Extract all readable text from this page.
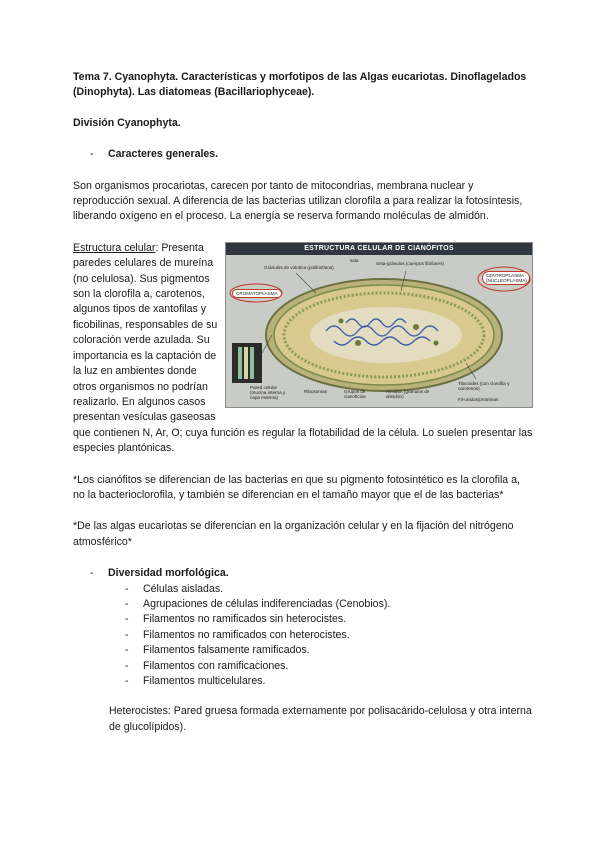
Tema 7. Cyanophyta. Características y morfotipos de las Algas eucariotas. Dinoflagelados (Dinophyta). Las diatomeas (Bacillariophyceae).

División Cyanophyta.
- Caracteres generales.

Son organismos procariotas, carecen por tanto de mitocondrias, membrana nuclear y reproducción sexual. A diferencia de las bacterias utilizan clorofila a para realizar la fotosíntesis, liberando oxígeno en el proceso. La energía se reserva formando moléculas de almidón.

ESTRUCTURA CELULAR DE CIANÓFITOS
sala
Gránulos de volutina (polifosfatos)
Seta-gránulos (cuerpos fibrilares)
CROMATOPLASMA
CENTROPLASMA (NUCLEOPLASMA)
Pared celular (mucina interna y capa externa)
Ribosomas	Grupos de cianoficina
Almidón (gránulos de almidón)
Tilacoides (con clorofila y carotenos)
Fil-unidos/proteínas

Estructura celular: Presenta paredes celulares de mureína (no celulosa). Sus pigmentos son la clorofila a, carotenos, algunos tipos de xantofilas y ficobilinas, responsables de su coloración verde azulada. Su importancia es la captación de la luz en ambientes donde otros organismos no podrían realizarlo. En algunos casos presentan vesículas gaseosas que contienen N, Ar, O; cuya función es regular la flotabilidad de la célula. Lo suelen presentar las especies plantónicas.

*Los cianófitos se diferencian de las bacterias en que su pigmento fotosintético es la clorofila a, no la bacterioclorofila, y también se diferencian en el tamaño mayor que el de las bacterias*

*De las algas eucariotas se diferencian en la organización celular y en la fijación del nitrógeno atmosférico*

- Diversidad morfológica.
- Células aisladas.
- Agrupaciones de células indiferenciadas (Cenobios).
- Filamentos no ramificados sin heterocistes.
- Filamentos no ramificados con heterocistes.
- Filamentos falsamente ramificados.
- Filamentos con ramificaciones.
- Filamentos multicelulares.

Heterocistes: Pared gruesa formada externamente por polisacárido-celulosa y otra interna de glucolípidos).
